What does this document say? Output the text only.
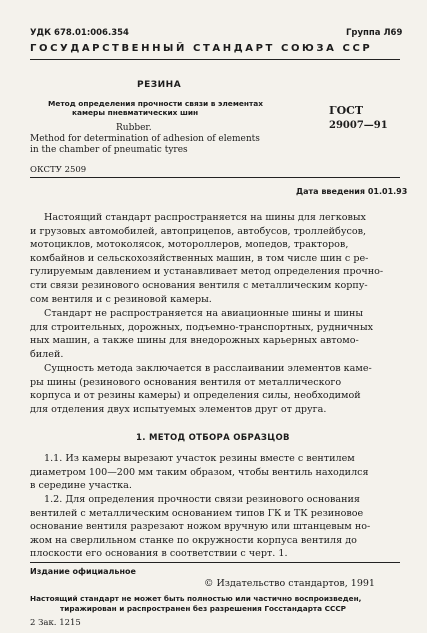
УДК 678.01:006.354	Группа Л69
ГОСУДАРСТВЕННЫЙ СТАНДАРТ СОЮЗА ССР
РЕЗИНА
Метод определения прочности связи в элементах
камеры пневматических шин
Rubber.
Method for determination of adhesion of elements
in the chamber of pneumatic tyres
ОКСТУ 2509
ГОСТ
29007—91
Дата введения 01.01.93
Настоящий стандарт распространяется на шины для легковых
и грузовых автомобилей, автоприцепов, автобусов, троллейбусов,
мотоциклов, мотоколясок, мотороллеров, мопедов, тракторов,
комбайнов и сельскохозяйственных машин, в том числе шин с ре-
гулируемым давлением и устанавливает метод определения прочно-
сти связи резинового основания вентиля с металлическим корпу-
сом вентиля и с резиновой камеры.
Стандарт не распространяется на авиационные шины и шины
для строительных, дорожных, подъемно-транспортных, рудничных
ных машин, а также шины для внедорожных карьерных автомо-
билей.
Сущность метода заключается в расслаивании элементов каме-
ры шины (резинового основания вентиля от металлического
корпуса и от резины камеры) и определения силы, необходимой
для отделения двух испытуемых элементов друг от друга.
1. МЕТОД ОТБОРА ОБРАЗЦОВ
1.1. Из камеры вырезают участок резины вместе с вентилем
диаметром 100—200 мм таким образом, чтобы вентиль находился
в середине участка.
1.2. Для определения прочности связи резинового основания
вентилей с металлическим основанием типов ГК и ТК резиновое
основание вентиля разрезают ножом вручную или штанцевым но-
жом на сверлильном станке по окружности корпуса вентиля до
плоскости его основания в соответствии с черт. 1.
Издание официальное
© Издательство стандартов, 1991
Настоящий стандарт не может быть полностью или частично воспроизведен,
тиражирован и распространен без разрешения Госстандарта СССР
2 Зак. 1215
